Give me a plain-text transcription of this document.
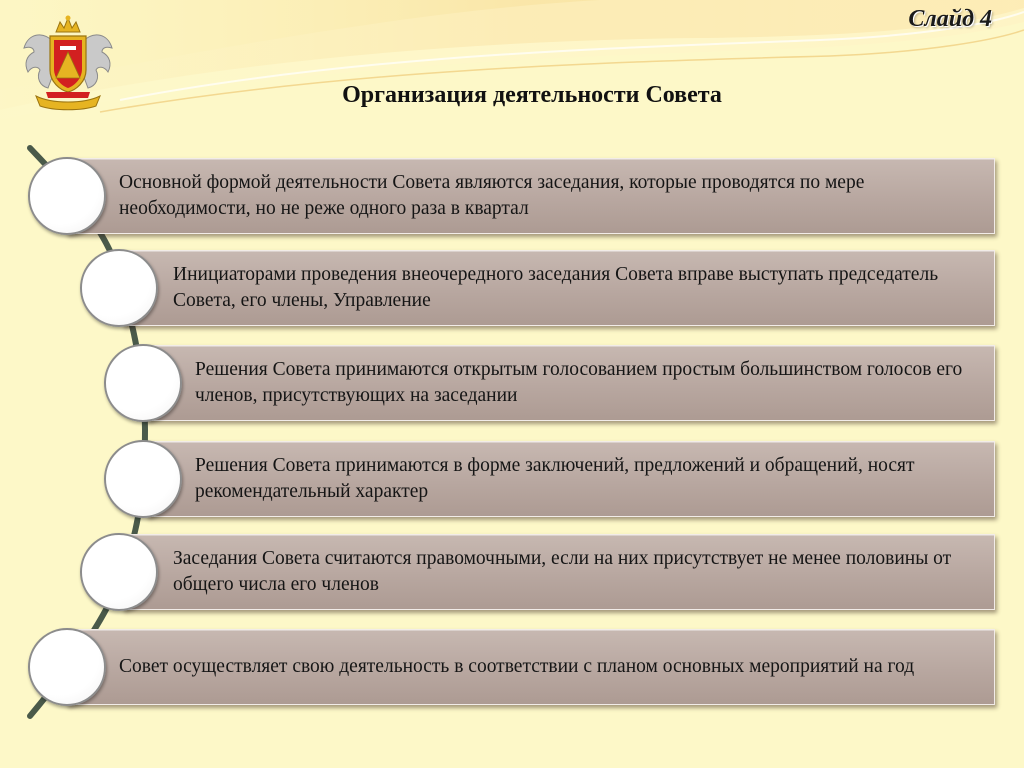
Слайд 4
Организация деятельности Совета
Основной формой деятельности Совета являются заседания, которые проводятся по мере необходимости, но не реже одного раза в квартал
Инициаторами проведения внеочередного заседания Совета вправе выступать председатель Совета, его члены, Управление
Решения Совета принимаются открытым голосованием простым большинством голосов его членов, присутствующих на заседании
Решения Совета принимаются в форме заключений, предложений и обращений, носят рекомендательный характер
Заседания Совета считаются правомочными, если на них присутствует не менее половины от общего числа его членов
Совет осуществляет свою деятельность в соответствии с планом основных мероприятий на год
